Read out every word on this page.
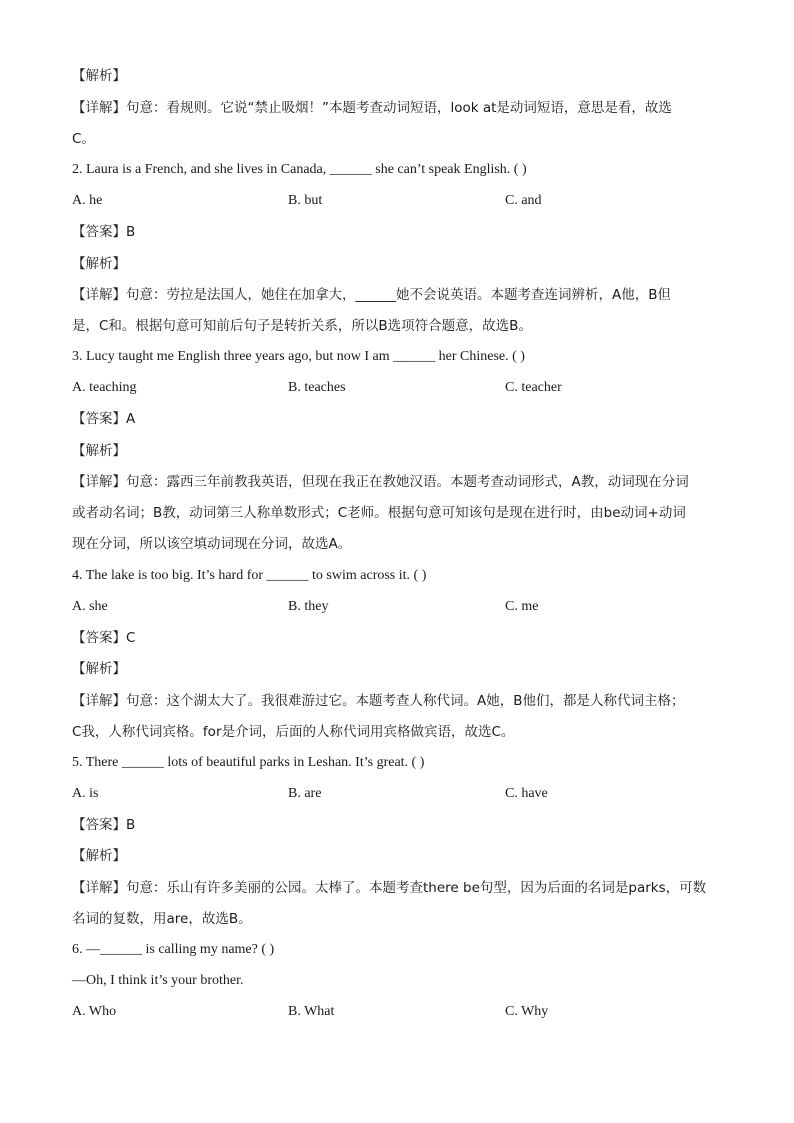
【解析】
【详解】句意：看规则。它说“禁止吸烟！”本题考查动词短语，look at是动词短语，意思是看，故选
C。
2. Laura is a French, and she lives in Canada, ______ she can’t speak English. ( )
A. he	B. but	C. and
【答案】B
【解析】
【详解】句意：劳拉是法国人，她住在加拿大，______她不会说英语。本题考查连词辨析，A他，B但
是，C和。根据句意可知前后句子是转折关系，所以B选项符合题意，故选B。
3. Lucy taught me English three years ago, but now I am ______ her Chinese. ( )
A. teaching	B. teaches	C. teacher
【答案】A
【解析】
【详解】句意：露西三年前教我英语，但现在我正在教她汉语。本题考查动词形式，A教，动词现在分词
或者动名词；B教，动词第三人称单数形式；C老师。根据句意可知该句是现在进行时，由be动词+动词
现在分词，所以该空填动词现在分词，故选A。
4. The lake is too big. It’s hard for ______ to swim across it. ( )
A. she	B. they	C. me
【答案】C
【解析】
【详解】句意：这个湖太大了。我很难游过它。本题考查人称代词。A她，B他们，都是人称代词主格；
C我，人称代词宾格。for是介词，后面的人称代词用宾格做宾语，故选C。
5. There ______ lots of beautiful parks in Leshan. It’s great. ( )
A. is	B. are	C. have
【答案】B
【解析】
【详解】句意：乐山有许多美丽的公园。太棒了。本题考查there be句型，因为后面的名词是parks，可数
名词的复数，用are，故选B。
6. —______ is calling my name? ( )
—Oh, I think it’s your brother.
A. Who	B. What	C. Why
